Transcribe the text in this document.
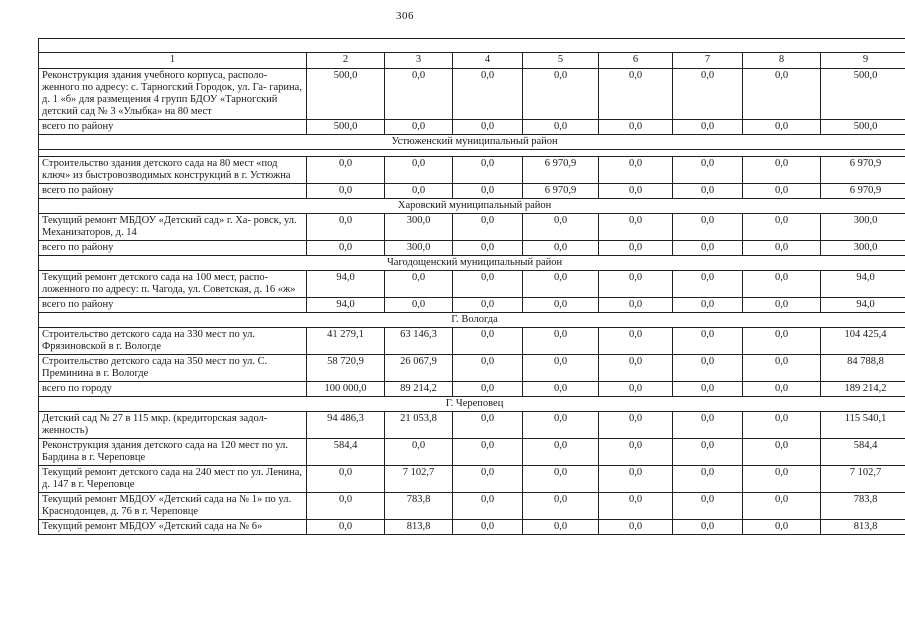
306

1	2	3	4	5	6	7	8	9
Реконструкция здания учебного корпуса, располо- женного по адресу: с. Тарногский Городок, ул. Га- гарина, д. 1 «б» для размещения 4 групп БДОУ «Тарногский детский сад № 3 «Улыбка» на 80 мест	500,0	0,0	0,0	0,0	0,0	0,0	0,0	500,0
всего по району	500,0	0,0	0,0	0,0	0,0	0,0	0,0	500,0
Устюженский муниципальный район								

Строительство здания детского сада на 80 мест «под ключ» из быстровозводимых конструкций в г. Устюжна	0,0	0,0	0,0	6 970,9	0,0	0,0	0,0	6 970,9
всего по району	0,0	0,0	0,0	6 970,9	0,0	0,0	0,0	6 970,9
Харовский муниципальный район								
Текущий ремонт МБДОУ «Детский сад» г. Ха- ровск, ул. Механизаторов, д. 14	0,0	300,0	0,0	0,0	0,0	0,0	0,0	300,0
всего по району	0,0	300,0	0,0	0,0	0,0	0,0	0,0	300,0
Чагодощенский муниципальный район								
Текущий ремонт детского сада на 100 мест, распо- ложенного по адресу: п. Чагода, ул. Советская, д. 16 «ж»	94,0	0,0	0,0	0,0	0,0	0,0	0,0	94,0
всего по району	94,0	0,0	0,0	0,0	0,0	0,0	0,0	94,0
Г. Вологда								
Строительство детского сада на 330 мест по ул. Фрязиновской в г. Вологде	41 279,1	63 146,3	0,0	0,0	0,0	0,0	0,0	104 425,4
Строительство детского сада на 350 мест по ул. С. Преминина в г. Вологде	58 720,9	26 067,9	0,0	0,0	0,0	0,0	0,0	84 788,8
всего по городу	100 000,0	89 214,2	0,0	0,0	0,0	0,0	0,0	189 214,2
Г. Череповец								
Детский сад № 27 в 115 мкр. (кредиторская задол- женность)	94 486,3	21 053,8	0,0	0,0	0,0	0,0	0,0	115 540,1
Реконструкция здания детского сада на 120 мест по ул. Бардина в г. Череповце	584,4	0,0	0,0	0,0	0,0	0,0	0,0	584,4
Текущий ремонт детского сада на 240 мест по ул. Ленина, д. 147 в г. Череповце	0,0	7 102,7	0,0	0,0	0,0	0,0	0,0	7 102,7
Текущий ремонт МБДОУ «Детский сада на № 1» по ул. Краснодонцев, д. 76 в г. Череповце	0,0	783,8	0,0	0,0	0,0	0,0	0,0	783,8
Текущий ремонт МБДОУ «Детский сада на № 6»	0,0	813,8	0,0	0,0	0,0	0,0	0,0	813,8
